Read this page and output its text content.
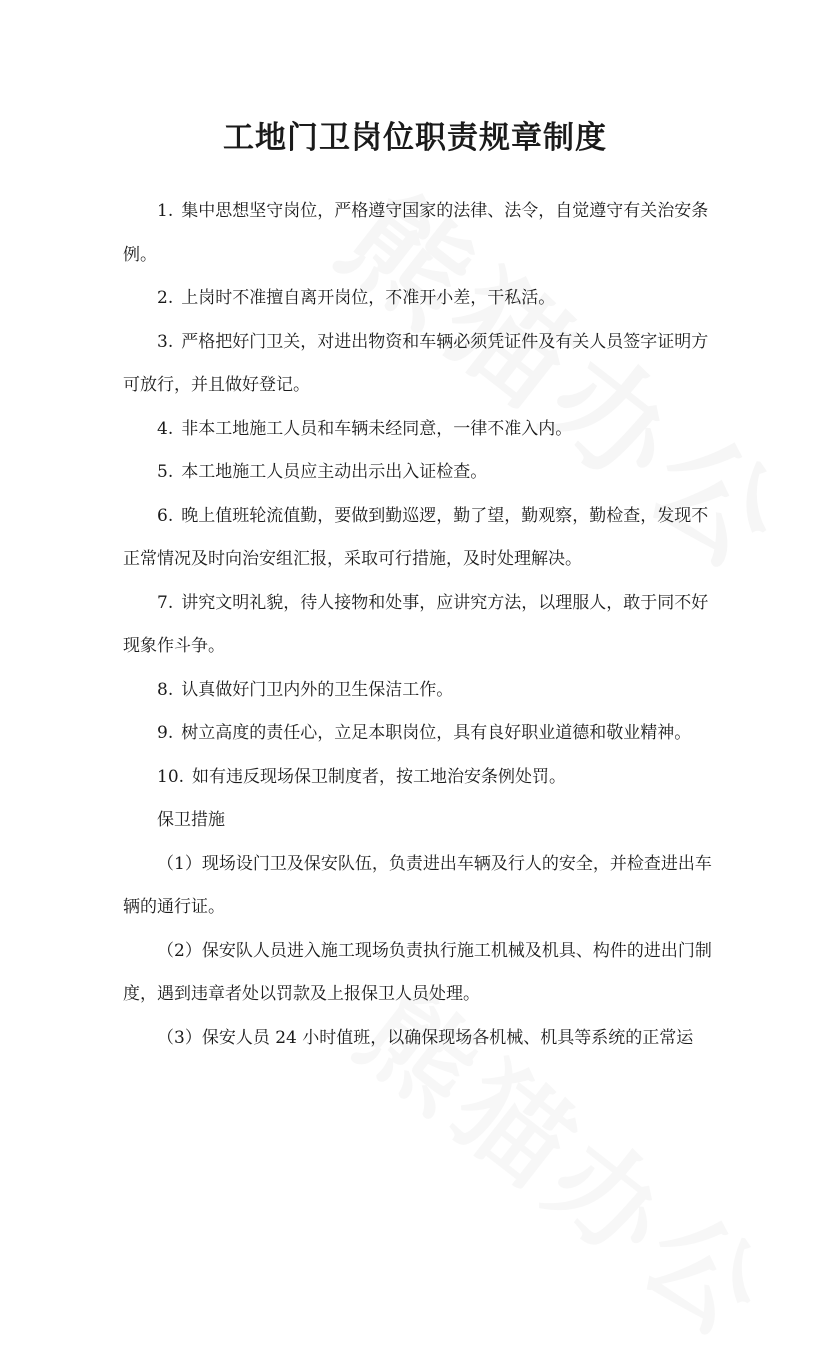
工地门卫岗位职责规章制度

1. 集中思想坚守岗位，严格遵守国家的法律、法令，自觉遵守有关治安条例。

2. 上岗时不准擅自离开岗位，不准开小差，干私活。

3. 严格把好门卫关，对进出物资和车辆必须凭证件及有关人员签字证明方可放行，并且做好登记。

4. 非本工地施工人员和车辆未经同意，一律不准入内。

5. 本工地施工人员应主动出示出入证检查。

6. 晚上值班轮流值勤，要做到勤巡逻，勤了望，勤观察，勤检查，发现不正常情况及时向治安组汇报，采取可行措施，及时处理解决。

7. 讲究文明礼貌，待人接物和处事，应讲究方法，以理服人，敢于同不好现象作斗争。

8. 认真做好门卫内外的卫生保洁工作。

9. 树立高度的责任心，立足本职岗位，具有良好职业道德和敬业精神。

10. 如有违反现场保卫制度者，按工地治安条例处罚。

保卫措施

（1）现场设门卫及保安队伍，负责进出车辆及行人的安全，并检查进出车辆的通行证。

（2）保安队人员进入施工现场负责执行施工机械及机具、构件的进出门制度，遇到违章者处以罚款及上报保卫人员处理。

（3）保安人员 24 小时值班，以确保现场各机械、机具等系统的正常运
